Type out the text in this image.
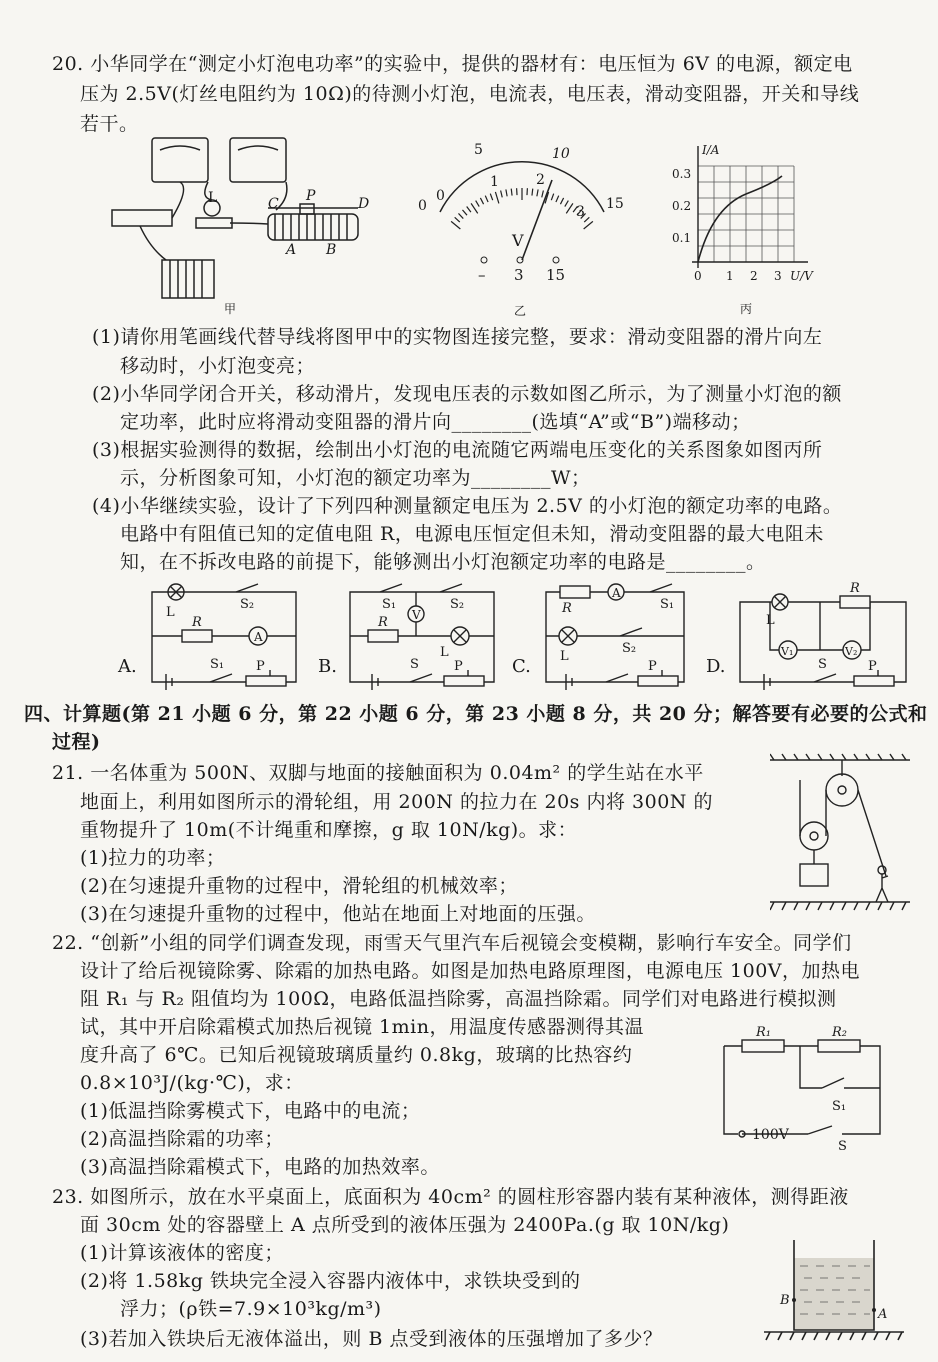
20. 小华同学在“测定小灯泡电功率”的实验中，提供的器材有：电压恒为 6V 的电源，额定电
压为 2.5V(灯丝电阻约为 10Ω)的待测小灯泡，电流表，电压表，滑动变阻器，开关和导线
若干。
L	P
C	D
A B
甲
0
1	2
3
0
5	10
15
V
– 3 15
乙
I/A
U/V
0.3
0.2
0.1
0 1 2 3
丙
(1)请你用笔画线代替导线将图甲中的实物图连接完整，要求：滑动变阻器的滑片向左
移动时，小灯泡变亮；
(2)小华同学闭合开关，移动滑片，发现电压表的示数如图乙所示，为了测量小灯泡的额
定功率，此时应将滑动变阻器的滑片向________(选填“A”或“B”)端移动；
(3)根据实验测得的数据，绘制出小灯泡的电流随它两端电压变化的关系图象如图丙所
示，分析图象可知，小灯泡的额定功率为________W；
(4)小华继续实验，设计了下列四种测量额定电压为 2.5V 的小灯泡的额定功率的电路。
电路中有阻值已知的定值电阻 R，电源电压恒定但未知，滑动变阻器的最大电阻未
知，在不拆改电路的前提下，能够测出小灯泡额定功率的电路是________。
A.
L
S₂
R
A
S₁ P	B.
S₁
V
S₂
R
L
S	P	C.
R
A
S₁
L
S₂
P	D.
L
R
V₁	V₂
S	P
四、计算题(第 21 小题 6 分，第 22 小题 6 分，第 23 小题 8 分，共 20 分；解答要有必要的公式和
过程)
21. 一名体重为 500N、双脚与地面的接触面积为 0.04m² 的学生站在水平
地面上，利用如图所示的滑轮组，用 200N 的拉力在 20s 内将 300N 的
重物提升了 10m(不计绳重和摩擦，g 取 10N/kg)。求：
(1)拉力的功率；
(2)在匀速提升重物的过程中，滑轮组的机械效率；
(3)在匀速提升重物的过程中，他站在地面上对地面的压强。
22. “创新”小组的同学们调查发现，雨雪天气里汽车后视镜会变模糊，影响行车安全。同学们
设计了给后视镜除雾、除霜的加热电路。如图是加热电路原理图，电源电压 100V，加热电
阻 R₁ 与 R₂ 阻值均为 100Ω，电路低温挡除雾，高温挡除霜。同学们对电路进行模拟测
试，其中开启除霜模式加热后视镜 1min，用温度传感器测得其温
度升高了 6℃。已知后视镜玻璃质量约 0.8kg，玻璃的比热容约
0.8×10³J/(kg·℃)，求：
(1)低温挡除雾模式下，电路中的电流；
(2)高温挡除霜的功率；
(3)高温挡除霜模式下，电路的加热效率。
R₁	R₂
S₁
100V
S
23. 如图所示，放在水平桌面上，底面积为 40cm² 的圆柱形容器内装有某种液体，测得距液
面 30cm 处的容器壁上 A 点所受到的液体压强为 2400Pa.(g 取 10N/kg)
(1)计算该液体的密度；
(2)将 1.58kg 铁块完全浸入容器内液体中，求铁块受到的
浮力；(ρ铁=7.9×10³kg/m³)
(3)若加入铁块后无液体溢出，则 B 点受到液体的压强增加了多少？
B
A
